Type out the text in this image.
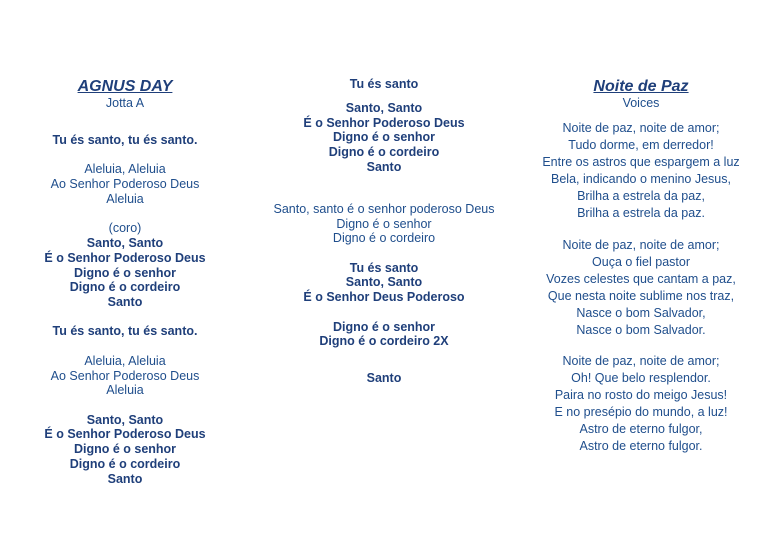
AGNUS DAY
Jotta A
Tu és santo, tu és santo.
Aleluia, Aleluia
Ao Senhor Poderoso Deus
Aleluia
(coro)
Santo, Santo
É o Senhor Poderoso Deus
Digno é o senhor
Digno é o cordeiro
Santo
Tu és santo, tu és santo.
Aleluia, Aleluia
Ao Senhor Poderoso Deus
Aleluia
Santo, Santo
É o Senhor Poderoso Deus
Digno é o senhor
Digno é o cordeiro
Santo
Tu és santo
Santo, Santo
É o Senhor Poderoso Deus
Digno é o senhor
Digno é o cordeiro
Santo
Santo, santo é o senhor poderoso Deus
Digno é o senhor
Digno é o cordeiro
Tu és santo
Santo, Santo
É o Senhor Deus Poderoso
Digno é o senhor
Digno é o cordeiro 2X
Santo
Noite de Paz
Voices
Noite de paz, noite de amor;
Tudo dorme, em derredor!
Entre os astros que espargem a luz
Bela, indicando o menino Jesus,
Brilha a estrela da paz,
Brilha a estrela da paz.
Noite de paz, noite de amor;
Ouça o fiel pastor
Vozes celestes que cantam a paz,
Que nesta noite sublime nos traz,
Nasce o bom Salvador,
Nasce o bom Salvador.
Noite de paz, noite de amor;
Oh! Que belo resplendor.
Paira no rosto do meigo Jesus!
E no presépio do mundo, a luz!
Astro de eterno fulgor,
Astro de eterno fulgor.
